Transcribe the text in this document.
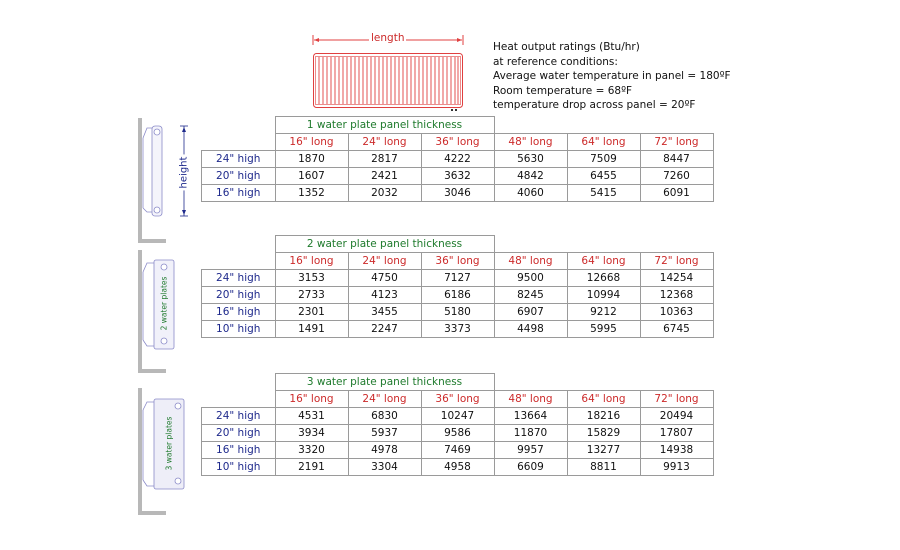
length
Heat output ratings (Btu/hr)
at reference conditions:
Average water temperature in panel = 180ºF
Room temperature = 68ºF
temperature drop across panel = 20ºF
height
2 water plates
3 water plates
	1 water plate panel thickness					
	16" long	24" long	36" long	48" long	64" long	72" long
24" high	1870	2817	4222	5630	7509	8447
20" high	1607	2421	3632	4842	6455	7260
16" high	1352	2032	3046	4060	5415	6091
	2 water plate panel thickness					
	16" long	24" long	36" long	48" long	64" long	72" long
24" high	3153	4750	7127	9500	12668	14254
20" high	2733	4123	6186	8245	10994	12368
16" high	2301	3455	5180	6907	9212	10363
10" high	1491	2247	3373	4498	5995	6745
	3 water plate panel thickness					
	16" long	24" long	36" long	48" long	64" long	72" long
24" high	4531	6830	10247	13664	18216	20494
20" high	3934	5937	9586	11870	15829	17807
16" high	3320	4978	7469	9957	13277	14938
10" high	2191	3304	4958	6609	8811	9913
